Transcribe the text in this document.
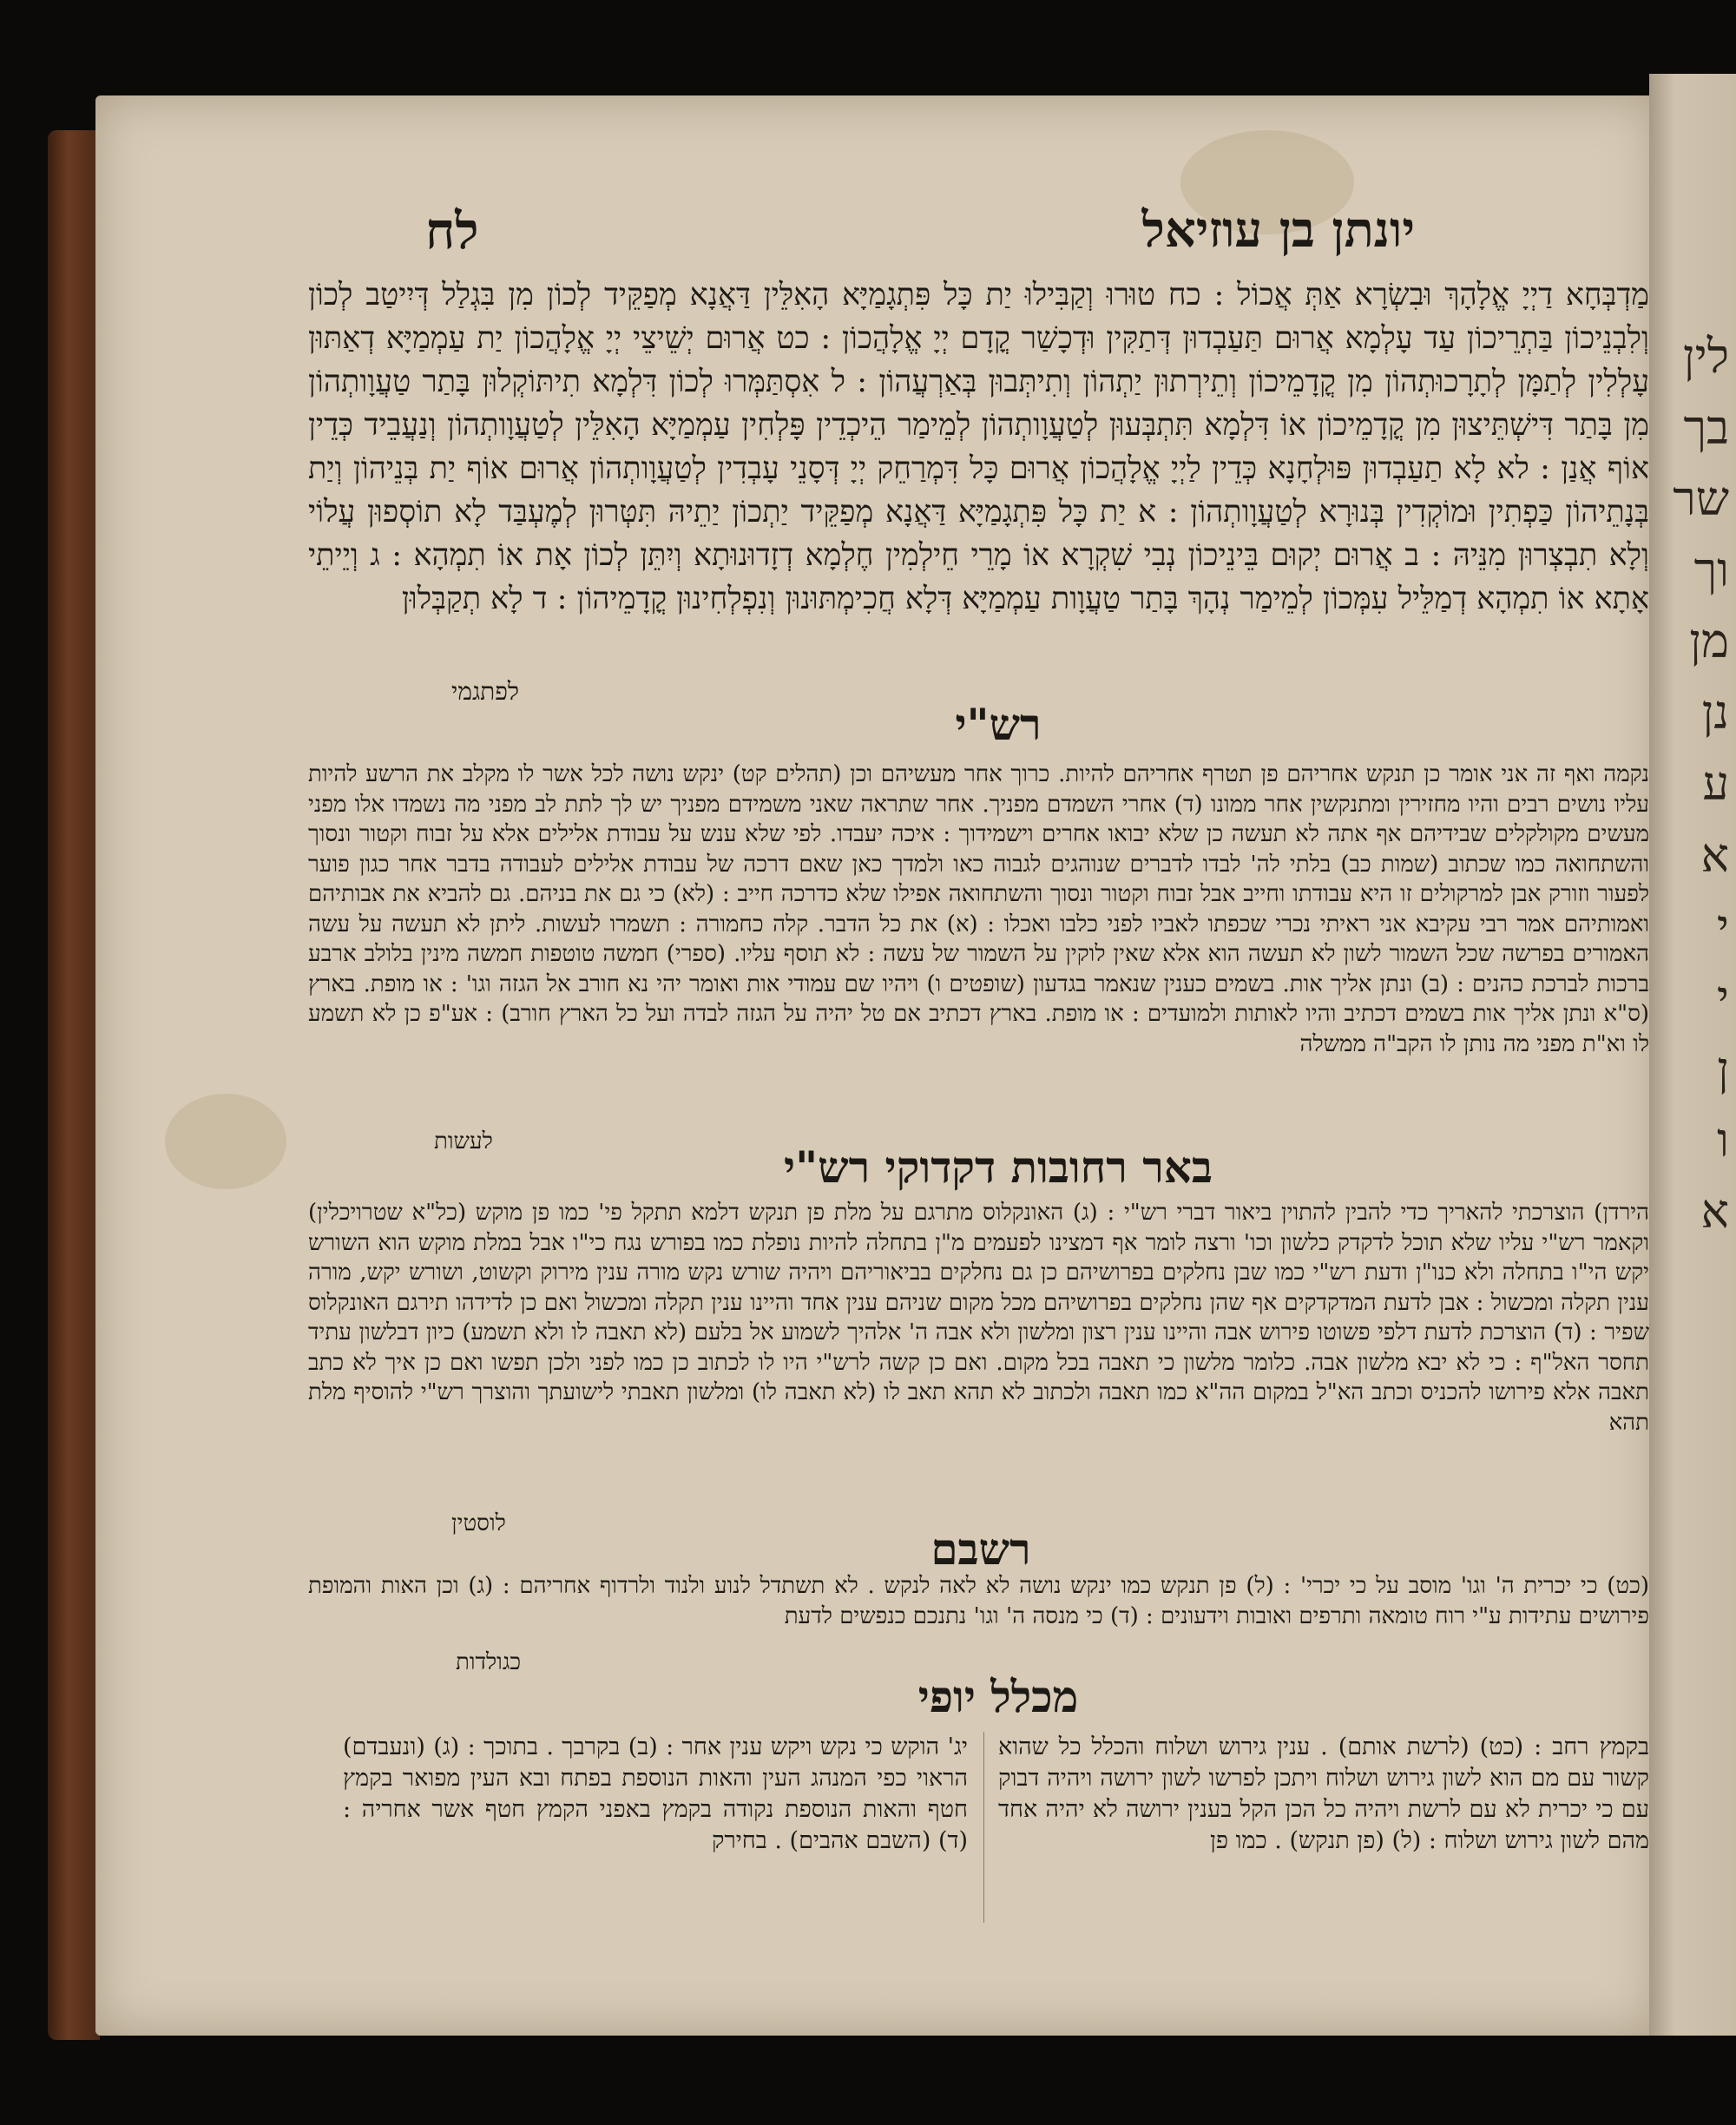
לין
בך
שר
וך
מן
נן
ע
א
י
י
ן
ו
א
יונתן בן עוזיאל
לח
מַדְבְּחָא דַיְיָ אֱלָהָךְ וּבִשְׂרָא אַתְּ אֲכוֹל : כח טוּרוּ וְקַבִּילוּ יַת כָּל פִּתְגָמַיָּא הָאִלֵּין דַּאֲנָא מְפַקֵּיד לְכוֹן מִן בִּגְלַל דְּיִיטַב לְכוֹן וְלִבְנֵיכוֹן בַּתְרֵיכוֹן עַד עָלְמָא אֲרוּם תַּעַבְדוּן דְּתַקִּין וּדְכָשַׁר קֳדָם יְיָ אֱלָהֲכוֹן : כט אֲרוּם יְשֵׁיצֵי יְיָ אֱלָהֲכוֹן יַת עַמְמַיָּא דְאַתּוּן עָלְלִין לְתַמָּן לְתָרָכוּתְהוֹן מִן קֳדָמֵיכוֹן וְתֵירְתוּן יַתְהוֹן וְתִיתְּבוּן בְּאַרְעֲהוֹן : ל אִסְתַּמְּרוּ לְכוֹן דִּלְמָא תִיתּוֹקְלוּן בָּתַר טַעֲוָותְהוֹן מִן בָּתַר דִּישְׁתֵּיצוּן מִן קֳדָמֵיכוֹן אוֹ דִּלְמָא תִּתְבְּעוּן לְטַעֲוָותְהוֹן לְמֵימַר הֵיכְדֵין פָּלְחִין עַמְמַיָּא הָאִלֵּין לְטַעֲוָותְהוֹן וְנַעֲבֵיד כְּדֵין אוֹף אֲנַן : לא לָא תַעַבְדוּן פּוּלְחָנָא כְּדֵין לַיְיָ אֱלָהֲכוֹן אֲרוּם כָּל דִּמְרַחֵק יְיָ דְּסָנֵי עָבְדִין לְטַעֲוָותְהוֹן אֲרוּם אוֹף יַת בְּנֵיהוֹן וְיַת בְּנָתֵיהוֹן כַּפְתִין וּמוֹקְדִין בְּנוּרָא לְטַעֲוָותְהוֹן : א יַת כָּל פִּתְגָמַיָּא דַּאֲנָא מְפַקֵּיד יַתְכוֹן יַתֵיהּ תִּטְּרוּן לְמֶעְבַּד לָא תוֹסְפוּן עֲלוֹי וְלָא תִבְצְרוּן מִנֵּיהּ : ב אֲרוּם יְקוּם בֵּינֵיכוֹן נְבִי שִׁקְרָא אוֹ מָרֵי חֵילְמִין חֶלְמָא דְזָדוּנוּתָא וְיִתֵּן לְכוֹן אָת אוֹ תִמְהָא : ג וְיֵיתֵי אָתָא אוֹ תִמְהָא דְמַלֵּיל עִמְּכוֹן לְמֵימַר נְהָךְ בָּתַר טַעֲוָות עַמְמַיָּא דְּלָא חֲכִימְתּוּנוּן וְנִפְלְחִינוּן קֳדָמֵיהוֹן : ד לָא תְקַבְּלוּן
לפתגמי
רש"י
נקמה ואף זה אני אומר כן תנקש אחריהם פן תטרף אחריהם להיות. כרוך אחר מעשיהם וכן (תהלים קט) ינקש נושה לכל אשר לו מקלב את הרשע להיות עליו נושים רבים והיו מחזירין ומתנקשין אחר ממונו (ד) אחרי השמדם מפניך. אחר שתראה שאני משמידם מפניך יש לך לתת לב מפני מה נשמדו אלו מפני מעשים מקולקלים שבידיהם אף אתה לא תעשה כן שלא יבואו אחרים וישמידוך : איכה יעבדו. לפי שלא ענש על עבודת אלילים אלא על זבוח וקטור ונסוך והשתחואה כמו שכתוב (שמות כב) בלתי לה' לבדו לדברים שנוהגים לגבוה כאו ולמדך כאן שאם דרכה של עבודת אלילים לעבודה בדבר אחר כגון פוער לפעור וזורק אבן למרקולים זו היא עבודתו וחייב אבל זבוח וקטור ונסוך והשתחואה אפילו שלא כדרכה חייב : (לא) כי גם את בניהם. גם להביא את אבותיהם ואמותיהם אמר רבי עקיבא אני ראיתי נכרי שכפתו לאביו לפני כלבו ואכלו : (א) את כל הדבר. קלה כחמורה : תשמרו לעשות. ליתן לא תעשה על עשה האמורים בפרשה שכל השמור לשון לא תעשה הוא אלא שאין לוקין על השמור של עשה : לא תוסף עליו. (ספרי) חמשה טוטפות חמשה מינין בלולב ארבע ברכות לברכת כהנים : (ב) ונתן אליך אות. בשמים כענין שנאמר בגדעון (שופטים ו) ויהיו שם עמודי אות ואומר יהי נא חורב אל הגזה וגו' : או מופת. בארץ (ס"א ונתן אליך אות בשמים דכתיב והיו לאותות ולמועדים : או מופת. בארץ דכתיב אם טל יהיה על הגזה לבדה ועל כל הארץ חורב) : אע"פ כן לא תשמע לו וא"ת מפני מה נותן לו הקב"ה ממשלה
לעשות	באר רחובות דקדוקי רש"י
הירדן) הוצרכתי להאריך כדי להבין להתוין ביאור דברי רש"י : (ג) האונקלוס מתרגם על מלת פן תנקש דלמא תתקל פי' כמו פן מוקש (כל"א שטרויכלין) וקאמר רש"י עליו שלא תוכל לדקדק כלשון וכו' ורצה לומר אף דמצינו לפעמים מ"ן בתחלה להיות נופלת כמו בפורש נגח כי"ו אבל במלת מוקש הוא השורש יקש הי"ו בתחלה ולא כנו"ן ודעת רש"י כמו שבן נחלקים בפרושיהם כן גם נחלקים בביאוריהם ויהיה שורש נקש מורה ענין מירוק וקשוט, ושורש יקש, מורה ענין תקלה ומכשול : אבן לדעת המדקדקים אף שהן נחלקים בפרושיהם מכל מקום שניהם ענין אחד והיינו ענין תקלה ומכשול ואם כן לדידהו תירגם האונקלוס שפיר : (ד) הוצרכת לדעת דלפי פשוטו פירוש אבה והיינו ענין רצון ומלשון ולא אבה ה' אלהיך לשמוע אל בלעם (לא תאבה לו ולא תשמע) כיון דבלשון עתיד תחסר האל"ף : כי לא יבא מלשון אבה. כלומר מלשון כי תאבה בכל מקום. ואם כן קשה לרש"י היו לו לכתוב כן כמו לפני ולכן תפשו ואם כן איך לא כתב תאבה אלא פירושו להכניס וכתב הא"ל במקום הה"א כמו תאבה ולכתוב לא תהא תאב לו (לא תאבה לו) ומלשון תאבתי לישועתך והוצרך רש"י להוסיף מלת תהא
לוסטין	רשבם
(כט) כי יכרית ה' וגו' מוסב על כי יכרי' : (ל) פן תנקש כמו ינקש נושה לא לאה לנקש . לא תשתדל לנוע ולנוד ולרדוף אחריהם : (ג) וכן האות והמופת פירושים עתידות ע"י רוח טומאה ותרפים ואובות וידעונים : (ד) כי מנסה ה' וגו' נתנכם כנפשים לדעת
כגולדות
מכלל יופי
בקמץ רחב : (כט) (לרשת אותם) . ענין גירוש ושלוח והכלל כל שהוא קשור עם מם הוא לשון גירוש ושלוח ויתכן לפרשו לשון ירושה ויהיה דבוק עם כי יכרית לא עם לרשת ויהיה כל הכן הקל בענין ירושה לא יהיה אחד מהם לשון גירוש ושלוח : (ל) (פן תנקש) . כמו פן
יג' הוקש כי נקש ויקש ענין אחר : (ב) בקרבך . בתוכך : (ג) (ונעבדם) הראוי כפי המנהג העין והאות הנוספת בפתח ובא העין מפואר בקמץ חטף והאות הנוספת נקודה בקמץ באפני הקמץ חטף אשר אחריה : (ד) (השבם אהבים) . בחירק
